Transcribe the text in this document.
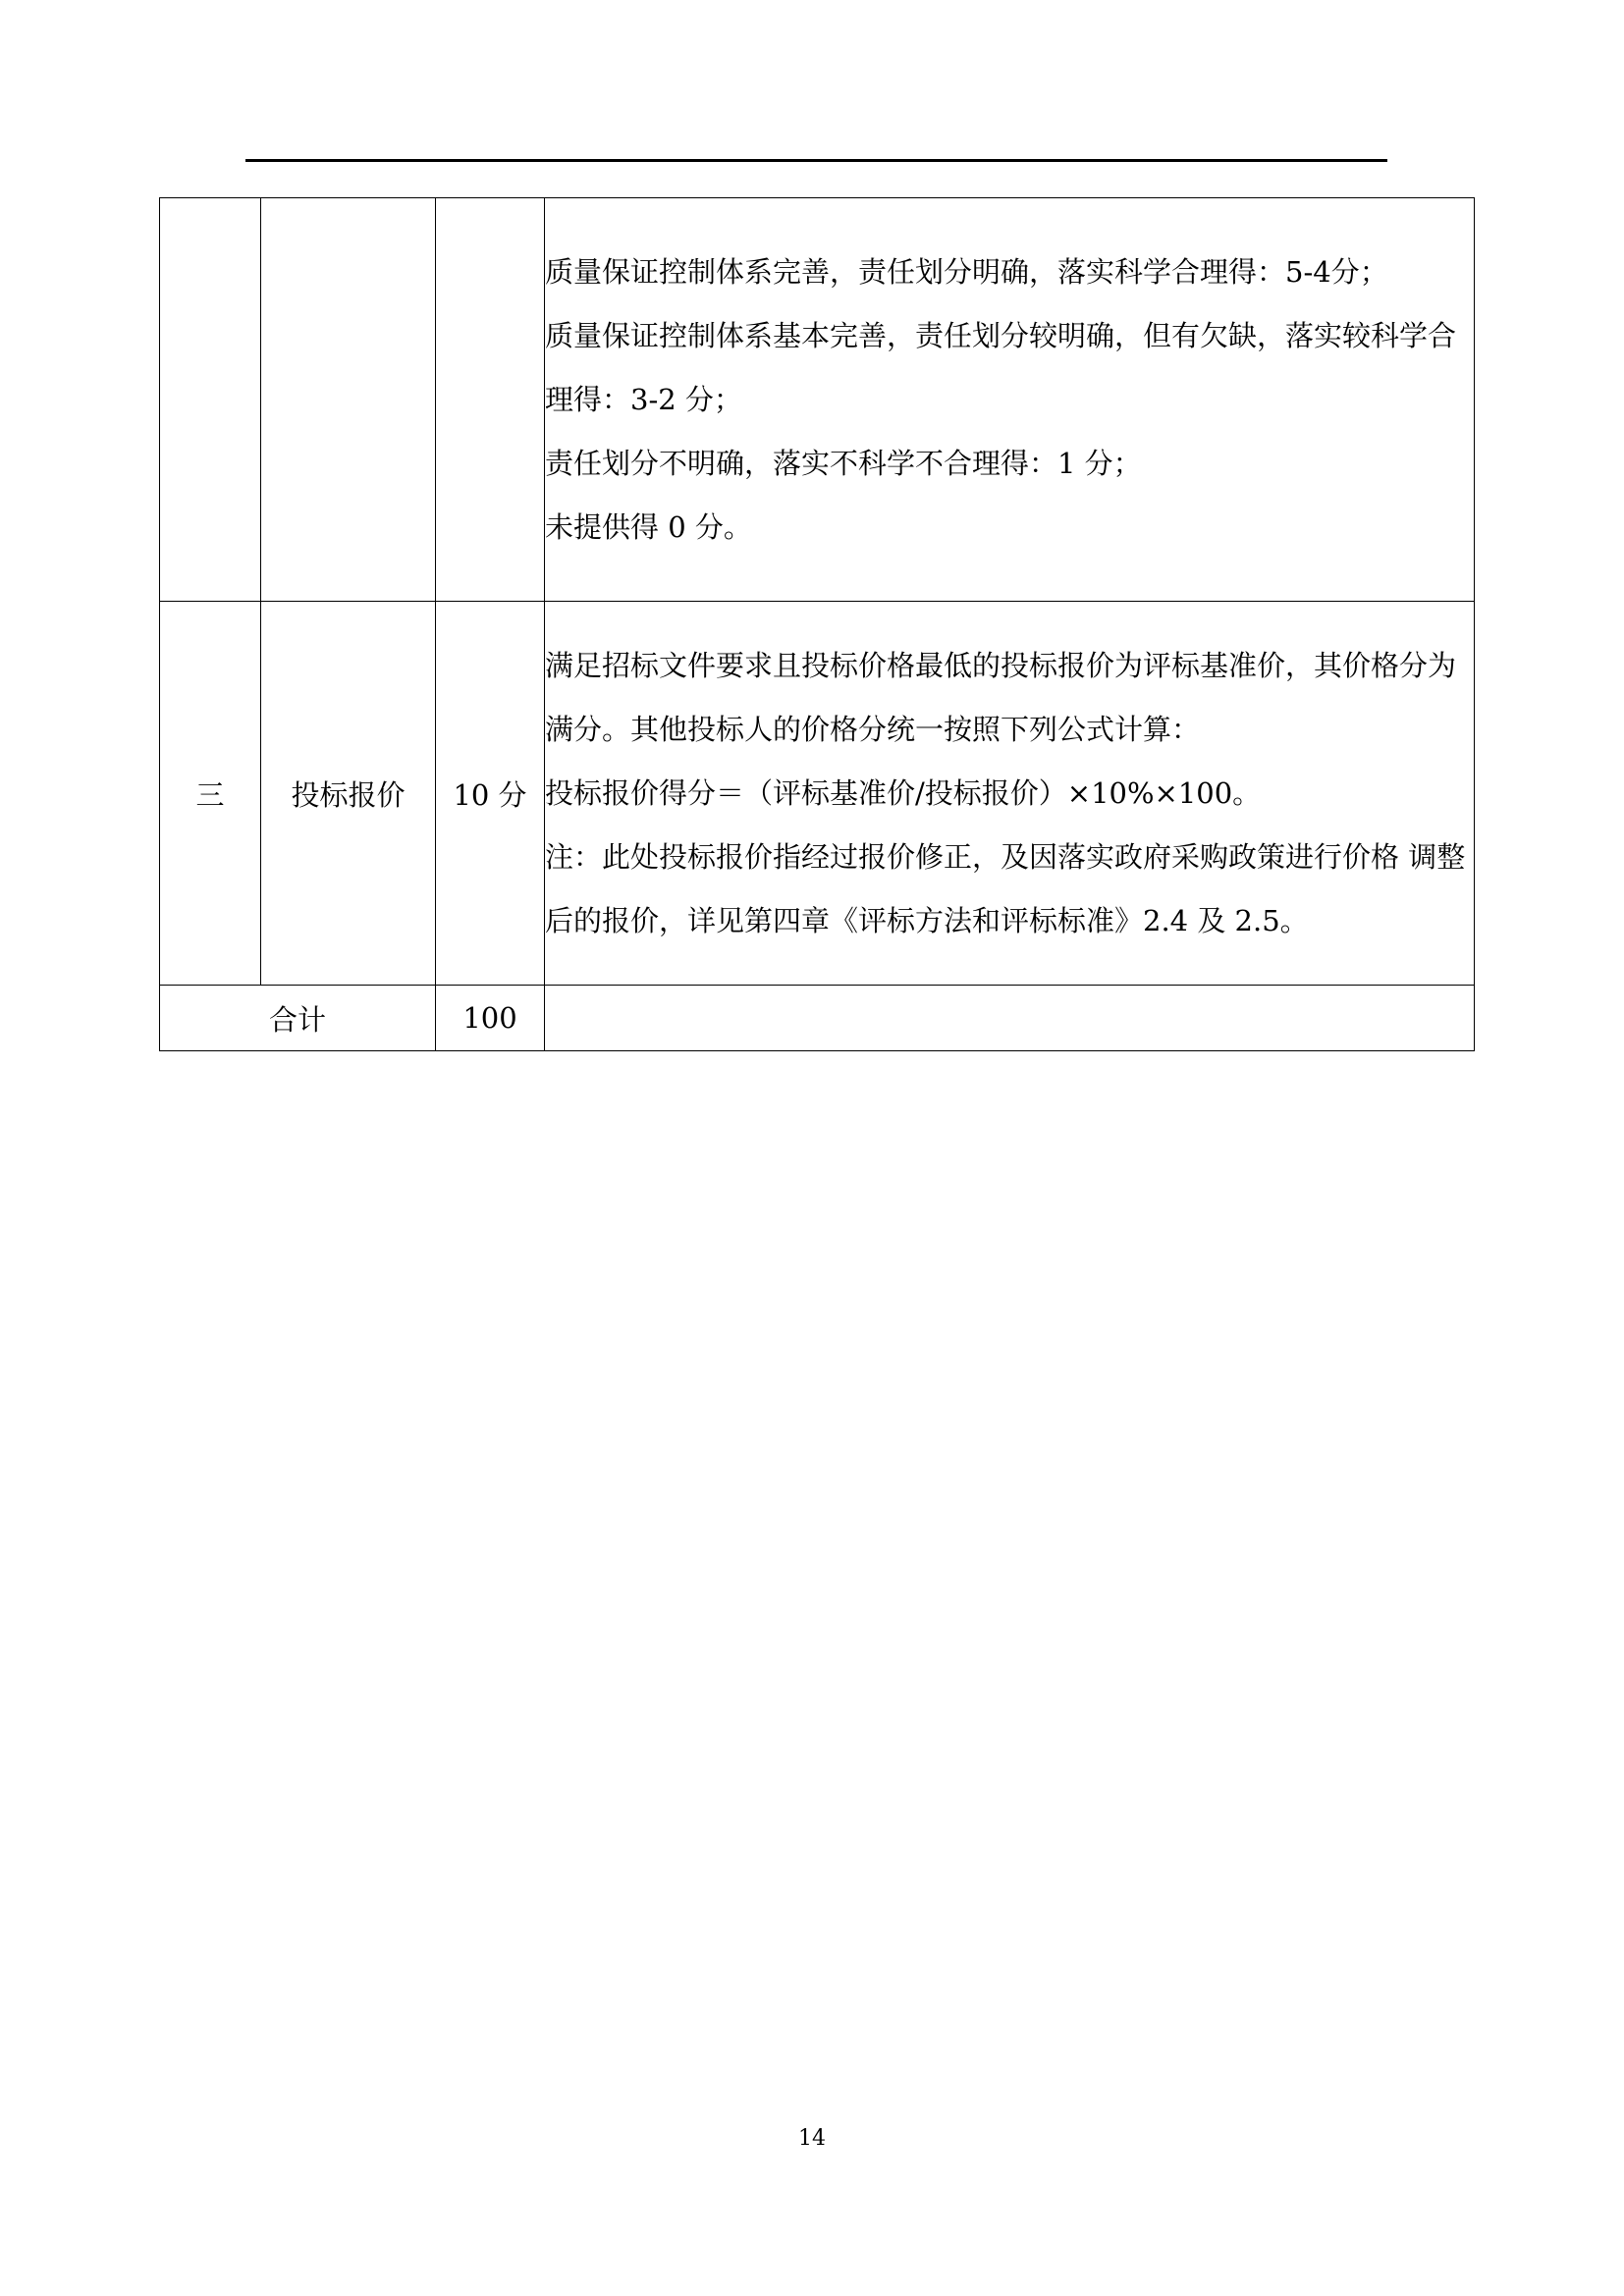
			质量保证控制体系完善，责任划分明确，落实科学合理得：5-4分；

质量保证控制体系基本完善，责任划分较明确，但有欠缺，落实较科学合理得：3-2 分；

责任划分不明确，落实不科学不合理得：1 分；

未提供得 0 分。

三	投标报价	10 分	满足招标文件要求且投标价格最低的投标报价为评标基准价，其价格分为满分。其他投标人的价格分统一按照下列公式计算：

投标报价得分＝（评标基准价/投标报价）×10%×100。

注：此处投标报价指经过报价修正，及因落实政府采购政策进行价格 调整后的报价，详见第四章《评标方法和评标标准》2.4 及 2.5。

合计		100	
14
